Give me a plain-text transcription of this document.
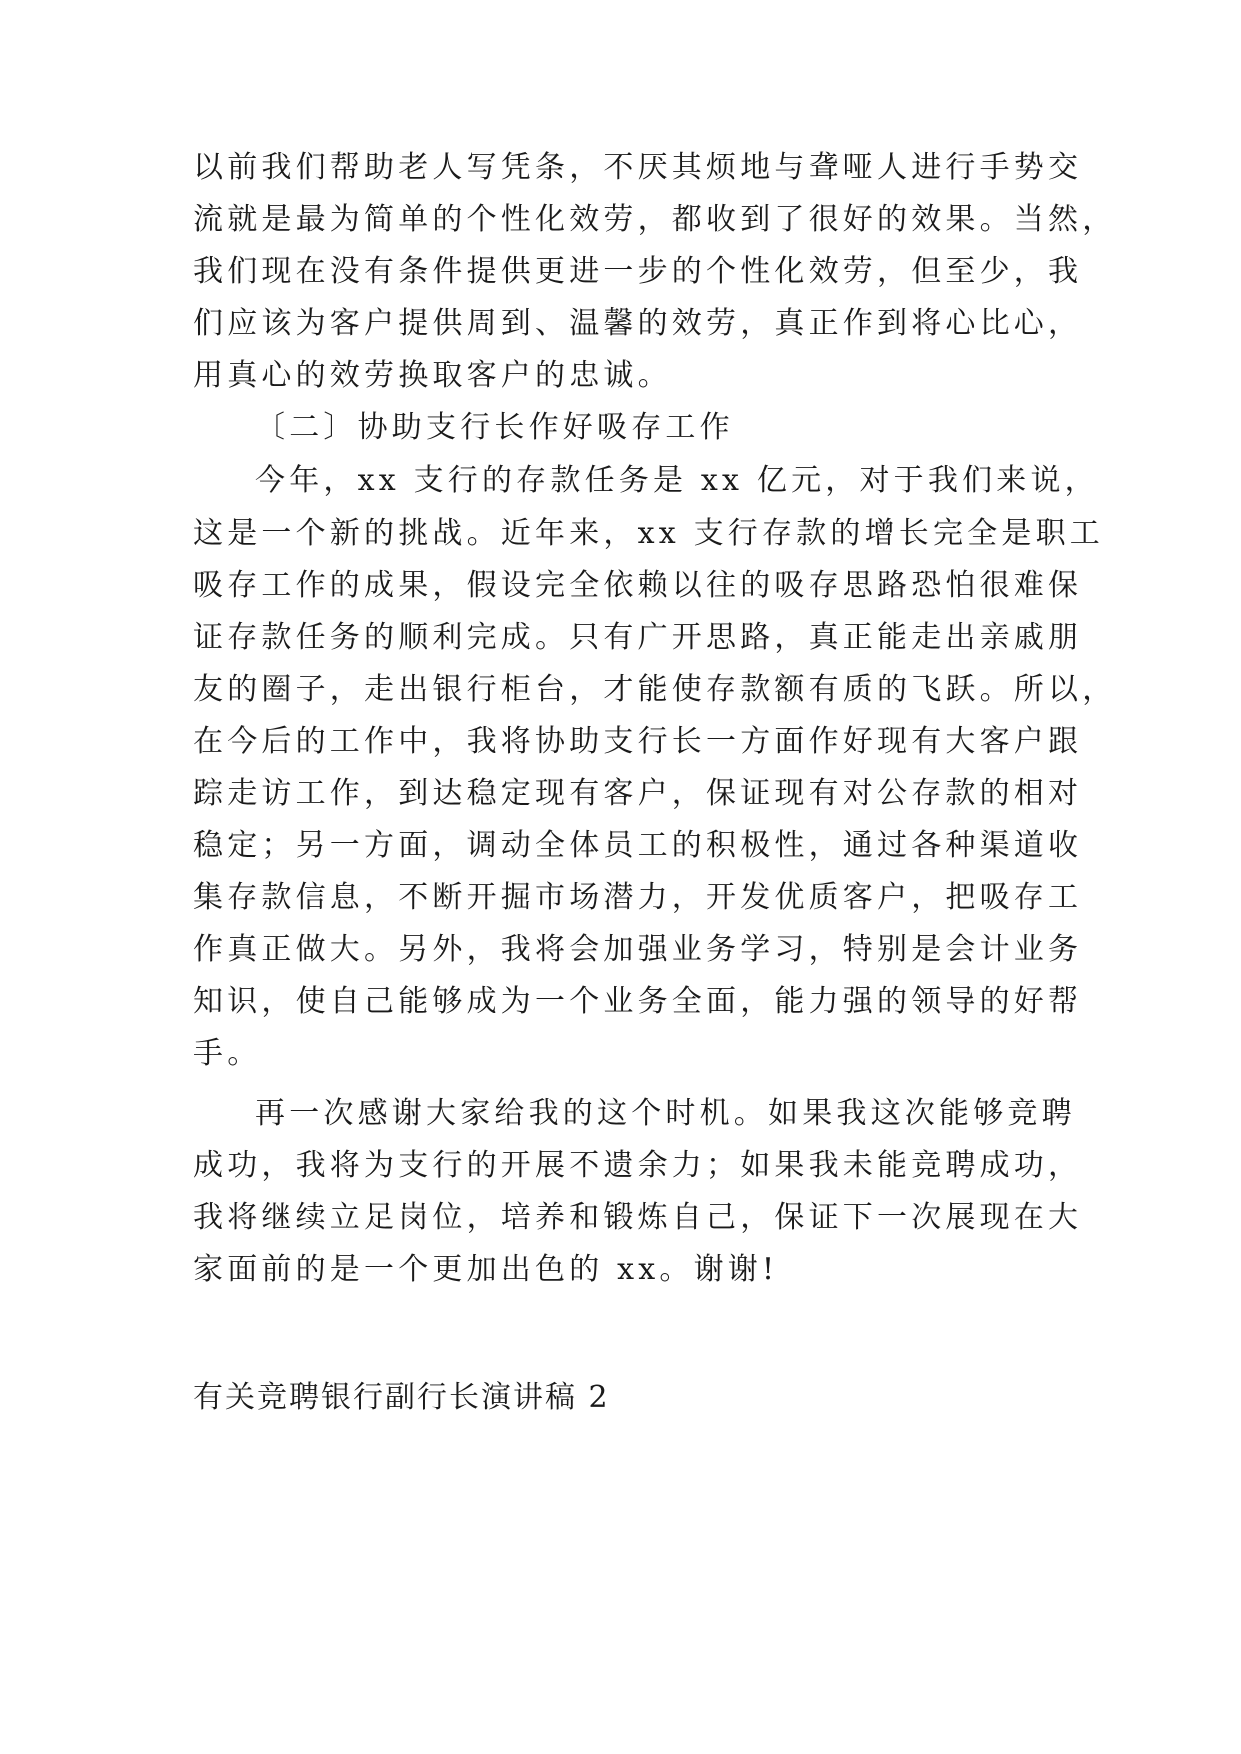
以前我们帮助老人写凭条，不厌其烦地与聋哑人进行手势交
流就是最为简单的个性化效劳，都收到了很好的效果。当然，
我们现在没有条件提供更进一步的个性化效劳，但至少，我
们应该为客户提供周到、温馨的效劳，真正作到将心比心，
用真心的效劳换取客户的忠诚。
〔二〕协助支行长作好吸存工作
今年，xx 支行的存款任务是 xx 亿元，对于我们来说，
这是一个新的挑战。近年来，xx 支行存款的增长完全是职工
吸存工作的成果，假设完全依赖以往的吸存思路恐怕很难保
证存款任务的顺利完成。只有广开思路，真正能走出亲戚朋
友的圈子，走出银行柜台，才能使存款额有质的飞跃。所以，
在今后的工作中，我将协助支行长一方面作好现有大客户跟
踪走访工作，到达稳定现有客户，保证现有对公存款的相对
稳定；另一方面，调动全体员工的积极性，通过各种渠道收
集存款信息，不断开掘市场潜力，开发优质客户，把吸存工
作真正做大。另外，我将会加强业务学习，特别是会计业务
知识，使自己能够成为一个业务全面，能力强的领导的好帮
手。
再一次感谢大家给我的这个时机。如果我这次能够竞聘
成功，我将为支行的开展不遗余力；如果我未能竞聘成功，
我将继续立足岗位，培养和锻炼自己，保证下一次展现在大
家面前的是一个更加出色的 xx。谢谢!
有关竞聘银行副行长演讲稿 2
